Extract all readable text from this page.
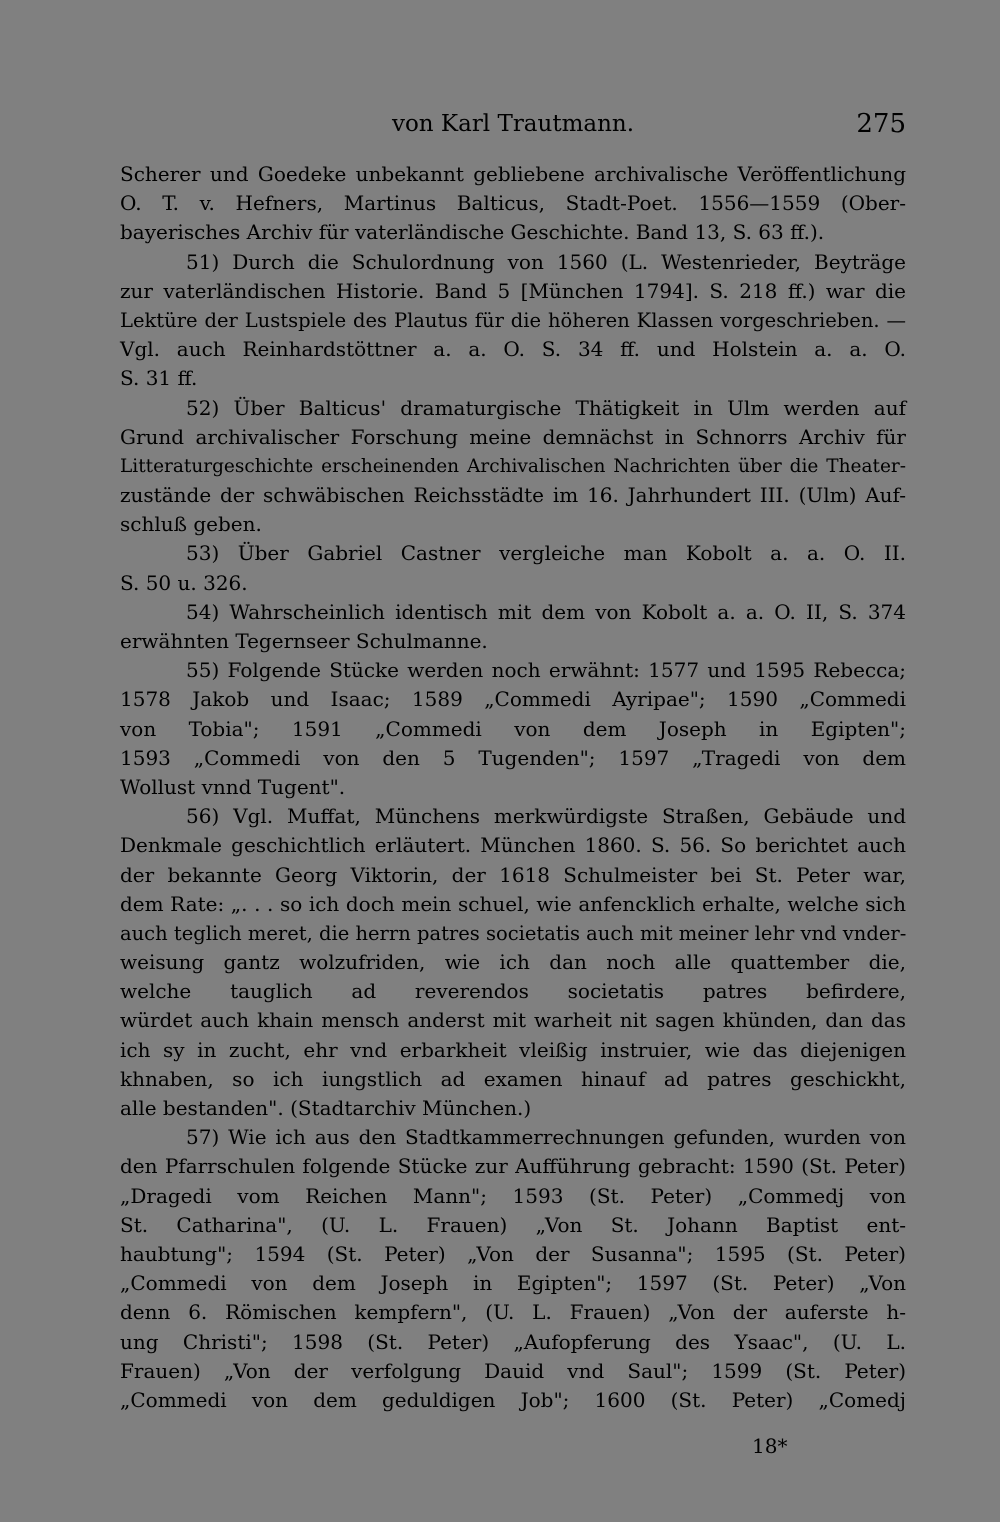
von Karl Trautmann.	275
Scherer und Goedeke unbekannt gebliebene archivalische Veröffentlichung
O. T. v. Hefners, Martinus Balticus, Stadt-Poet. 1556—1559 (Ober-
bayerisches Archiv für vaterländische Geschichte. Band 13, S. 63 ff.).
51) Durch die Schulordnung von 1560 (L. Westenrieder, Beyträge
zur vaterländischen Historie. Band 5 [München 1794]. S. 218 ff.) war die
Lektüre der Lustspiele des Plautus für die höheren Klassen vorgeschrieben. —
Vgl. auch Reinhardstöttner a. a. O. S. 34 ff. und Holstein a. a. O.
S. 31 ff.
52) Über Balticus' dramaturgische Thätigkeit in Ulm werden auf
Grund archivalischer Forschung meine demnächst in Schnorrs Archiv für
Litteraturgeschichte erscheinenden Archivalischen Nachrichten über die Theater-
zustände der schwäbischen Reichsstädte im 16. Jahrhundert III. (Ulm) Auf-
schluß geben.
53) Über Gabriel Castner vergleiche man Kobolt a. a. O. II.
S. 50 u. 326.
54) Wahrscheinlich identisch mit dem von Kobolt a. a. O. II, S. 374
erwähnten Tegernseer Schulmanne.
55) Folgende Stücke werden noch erwähnt: 1577 und 1595 Rebecca;
1578 Jakob und Isaac; 1589 „Commedi Ayripae"; 1590 „Commedi
von Tobia"; 1591 „Commedi von dem Joseph in Egipten";
1593 „Commedi von den 5 Tugenden"; 1597 „Tragedi von dem
Wollust vnnd Tugent".
56) Vgl. Muffat, Münchens merkwürdigste Straßen, Gebäude und
Denkmale geschichtlich erläutert. München 1860. S. 56. So berichtet auch
der bekannte Georg Viktorin, der 1618 Schulmeister bei St. Peter war,
dem Rate: „. . . so ich doch mein schuel, wie anfencklich erhalte, welche sich
auch teglich meret, die herrn patres societatis auch mit meiner lehr vnd vnder-
weisung gantz wolzufriden, wie ich dan noch alle quattember die,
welche tauglich ad reverendos societatis patres befirdere,
würdet auch khain mensch anderst mit warheit nit sagen khünden, dan das
ich sy in zucht, ehr vnd erbarkheit vleißig instruier, wie das diejenigen
khnaben, so ich iungstlich ad examen hinauf ad patres geschickht,
alle bestanden". (Stadtarchiv München.)
57) Wie ich aus den Stadtkammerrechnungen gefunden, wurden von
den Pfarrschulen folgende Stücke zur Aufführung gebracht: 1590 (St. Peter)
„Dragedi vom Reichen Mann"; 1593 (St. Peter) „Commedj von
St. Catharina", (U. L. Frauen) „Von St. Johann Baptist ent-
haubtung"; 1594 (St. Peter) „Von der Susanna"; 1595 (St. Peter)
„Commedi von dem Joseph in Egipten"; 1597 (St. Peter) „Von
denn 6. Römischen kempfern", (U. L. Frauen) „Von der auferste h-
ung Christi"; 1598 (St. Peter) „Aufopferung des Ysaac", (U. L.
Frauen) „Von der verfolgung Dauid vnd Saul"; 1599 (St. Peter)
„Commedi von dem geduldigen Job"; 1600 (St. Peter) „Comedj
18*
